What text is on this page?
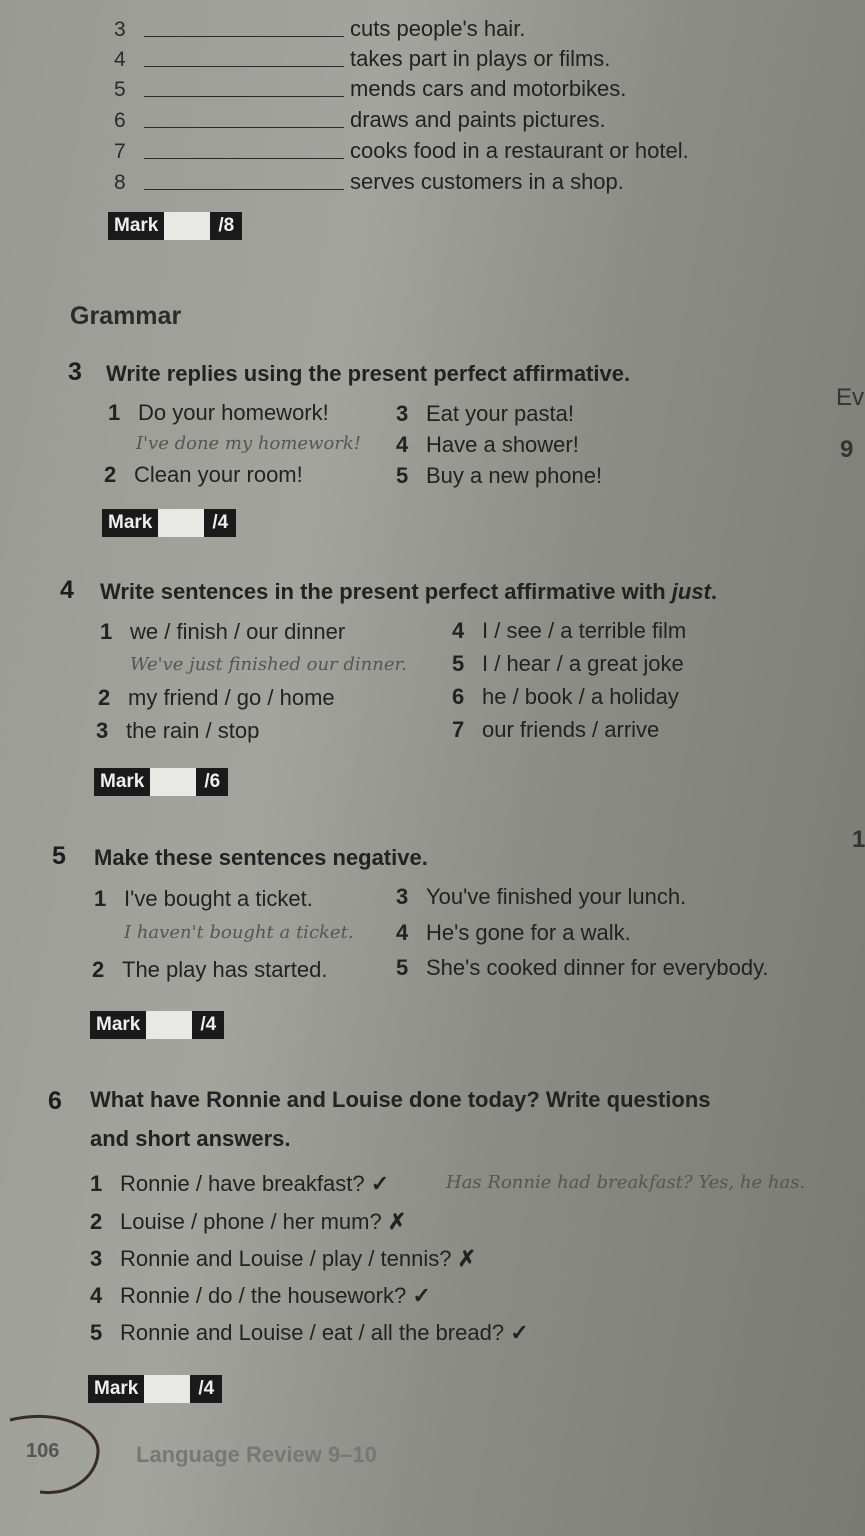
3	cuts people's hair.
4	takes part in plays or films.
5	mends cars and motorbikes.
6	draws and paints pictures.
7	cooks food in a restaurant or hotel.
8	serves customers in a shop.
Mark	/8
Grammar
3 Write replies using the present perfect affirmative.
1 Do your homework!
I've done my homework!
2 Clean your room!
3 Eat your pasta!
4 Have a shower!
5 Buy a new phone!
Mark	/4
4 Write sentences in the present perfect affirmative with just.
1 we / finish / our dinner
We've just finished our dinner.
2 my friend / go / home
3 the rain / stop
4 I / see / a terrible film
5 I / hear / a great joke
6 he / book / a holiday
7 our friends / arrive
Mark	/6
5 Make these sentences negative.
1 I've bought a ticket.
I haven't bought a ticket.
2 The play has started.
3 You've finished your lunch.
4 He's gone for a walk.
5 She's cooked dinner for everybody.
Mark	/4
6 What have Ronnie and Louise done today? Write questions
and short answers.
1 Ronnie / have breakfast? ✓	Has Ronnie had breakfast? Yes, he has.
2 Louise / phone / her mum? ✗
3 Ronnie and Louise / play / tennis? ✗
4 Ronnie / do / the housework? ✓
5 Ronnie and Louise / eat / all the bread? ✓
Mark	/4
Ev
9
1
106	Language Review 9–10
